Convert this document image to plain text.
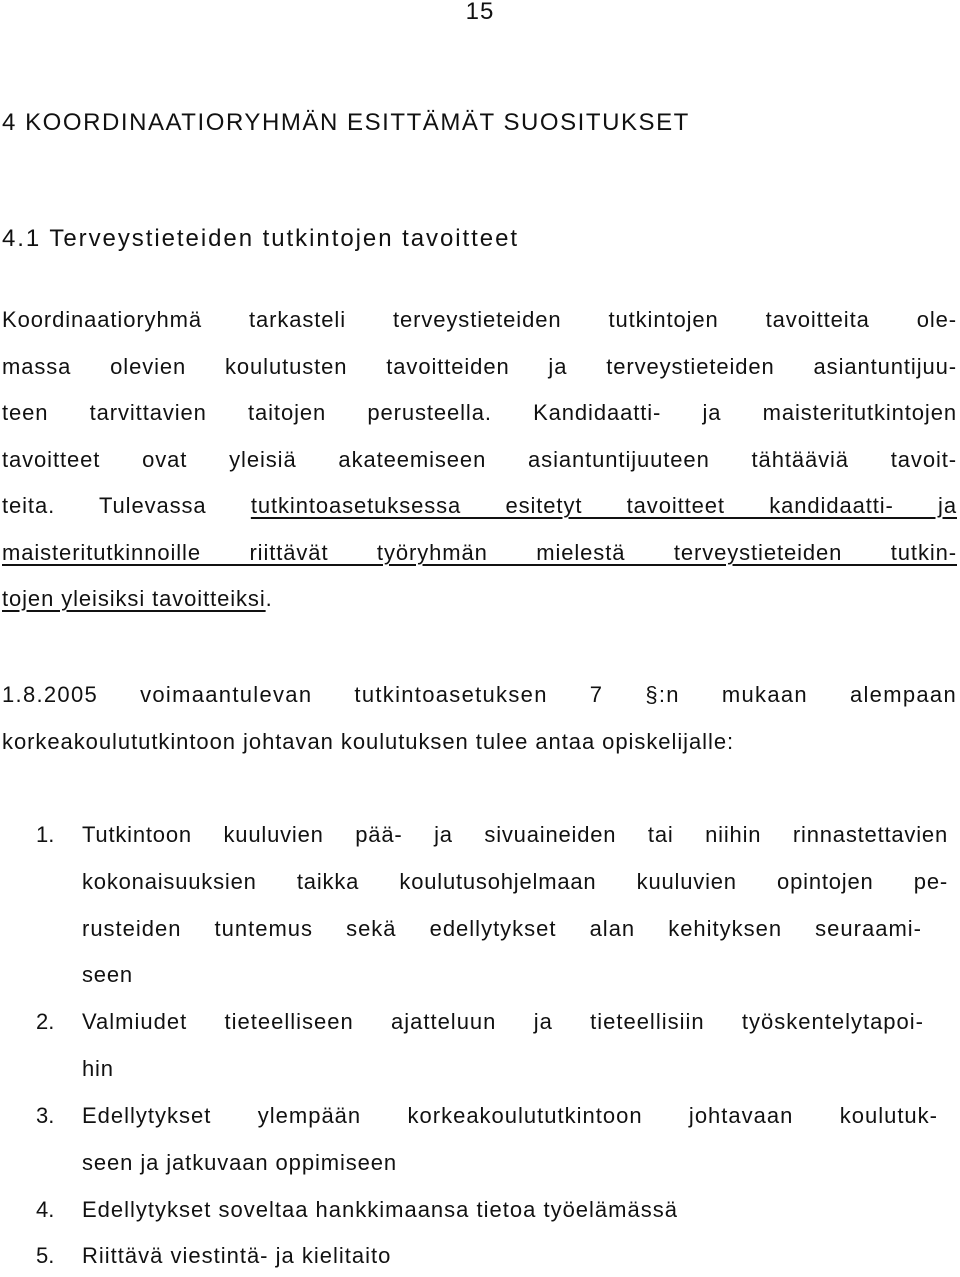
15
4 KOORDINAATIORYHMÄN ESITTÄMÄT SUOSITUKSET
4.1 Terveystieteiden tutkintojen tavoitteet
Koordinaatioryhmä tarkasteli terveystieteiden tutkintojen tavoitteita ole-
massa olevien koulutusten tavoitteiden ja terveystieteiden asiantuntijuu-
teen tarvittavien taitojen perusteella. Kandidaatti- ja maisteritutkintojen
tavoitteet ovat yleisiä akateemiseen asiantuntijuuteen tähtääviä tavoit-
teita. Tulevassa tutkintoasetuksessa esitetyt tavoitteet kandidaatti- ja
maisteritutkinnoille riittävät työryhmän mielestä terveystieteiden tutkin-
tojen yleisiksi tavoitteiksi.
1.8.2005 voimaantulevan tutkintoasetuksen 7 §:n mukaan alempaan
korkeakoulututkintoon johtavan koulutuksen tulee antaa opiskelijalle:
1. Tutkintoon kuuluvien pää- ja sivuaineiden tai niihin rinnastettavien
kokonaisuuksien taikka koulutusohjelmaan kuuluvien opintojen pe-
rusteiden tuntemus sekä edellytykset alan kehityksen seuraami-
seen
2. Valmiudet tieteelliseen ajatteluun ja tieteellisiin työskentelytapoi-
hin
3. Edellytykset ylempään korkeakoulututkintoon johtavaan koulutuk-
seen ja jatkuvaan oppimiseen
4. Edellytykset soveltaa hankkimaansa tietoa työelämässä
5. Riittävä viestintä- ja kielitaito
